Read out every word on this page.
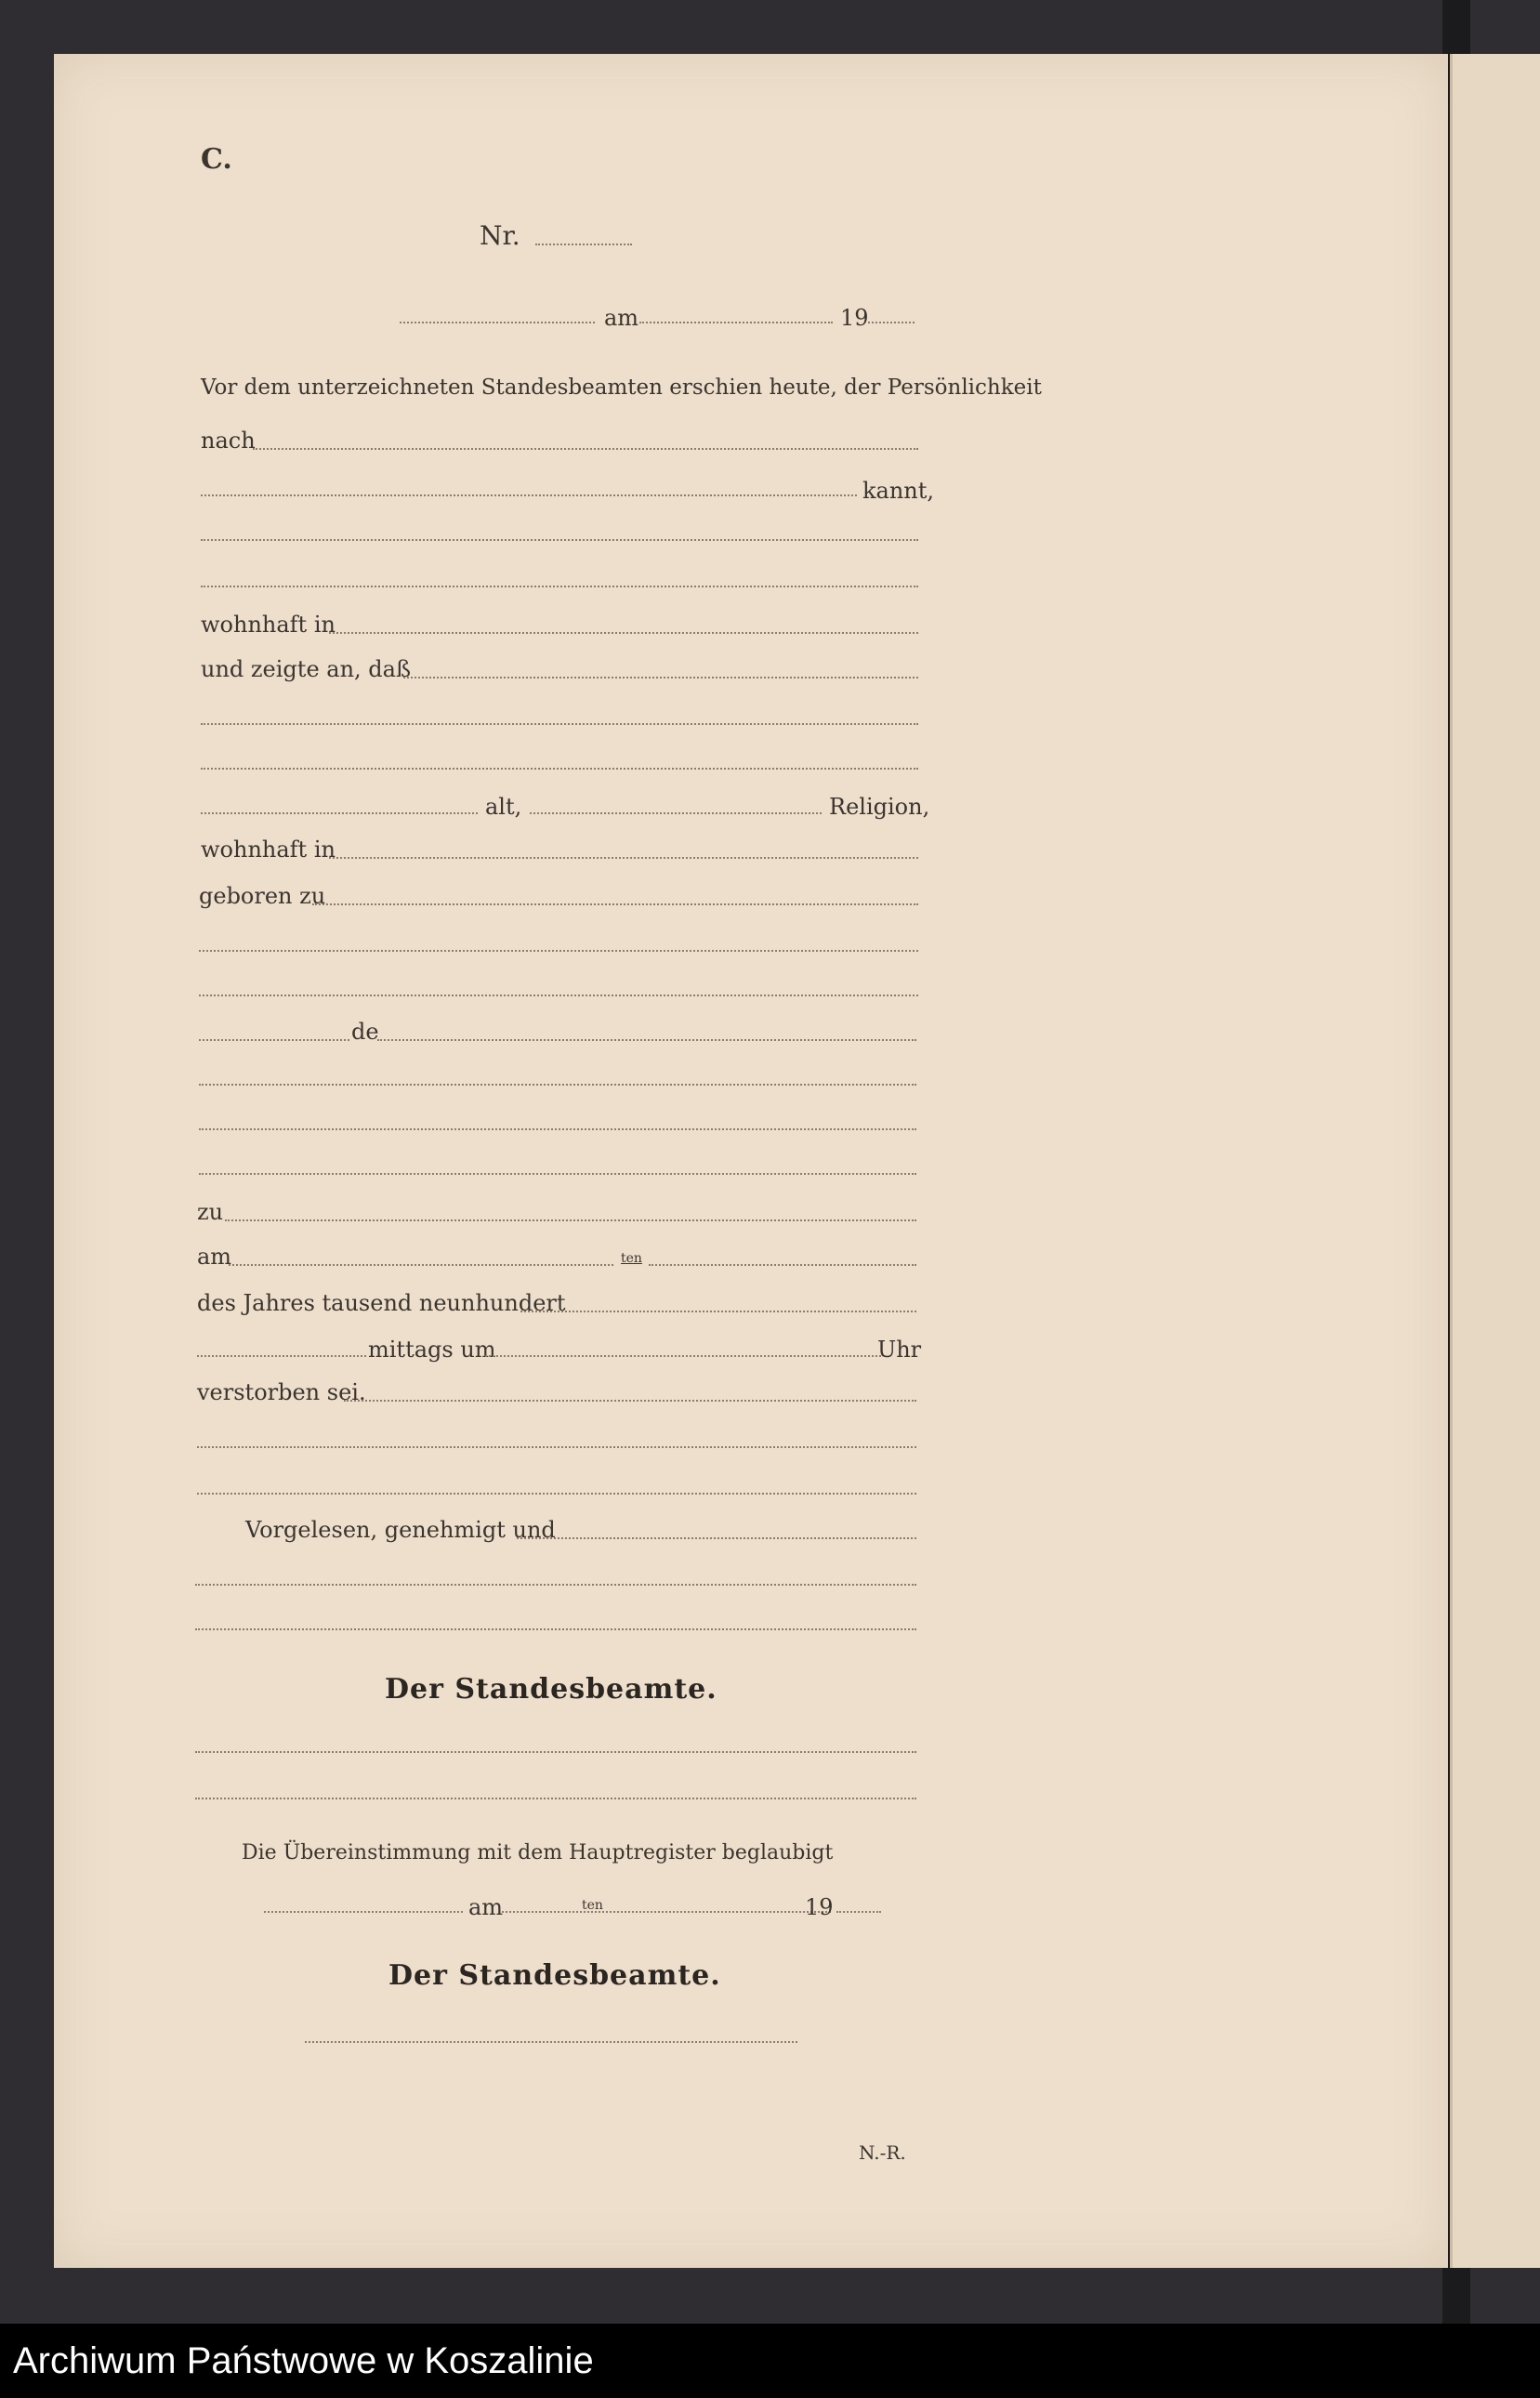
C.
Nr.
am	19
Vor dem unterzeichneten Standesbeamten erschien heute, der Persönlichkeit
nach
kannt,
wohnhaft in
und zeigte an, daß
alt,	Religion,
wohnhaft in
geboren zu
de
zu
am	ten
des Jahres tausend neunhundert
mittags um	Uhr
verstorben sei.
Vorgelesen, genehmigt und
Der Standesbeamte.
Die Übereinstimmung mit dem Hauptregister beglaubigt
am	ten	19
Der Standesbeamte.
N.-R.
Archiwum Państwowe w Koszalinie
